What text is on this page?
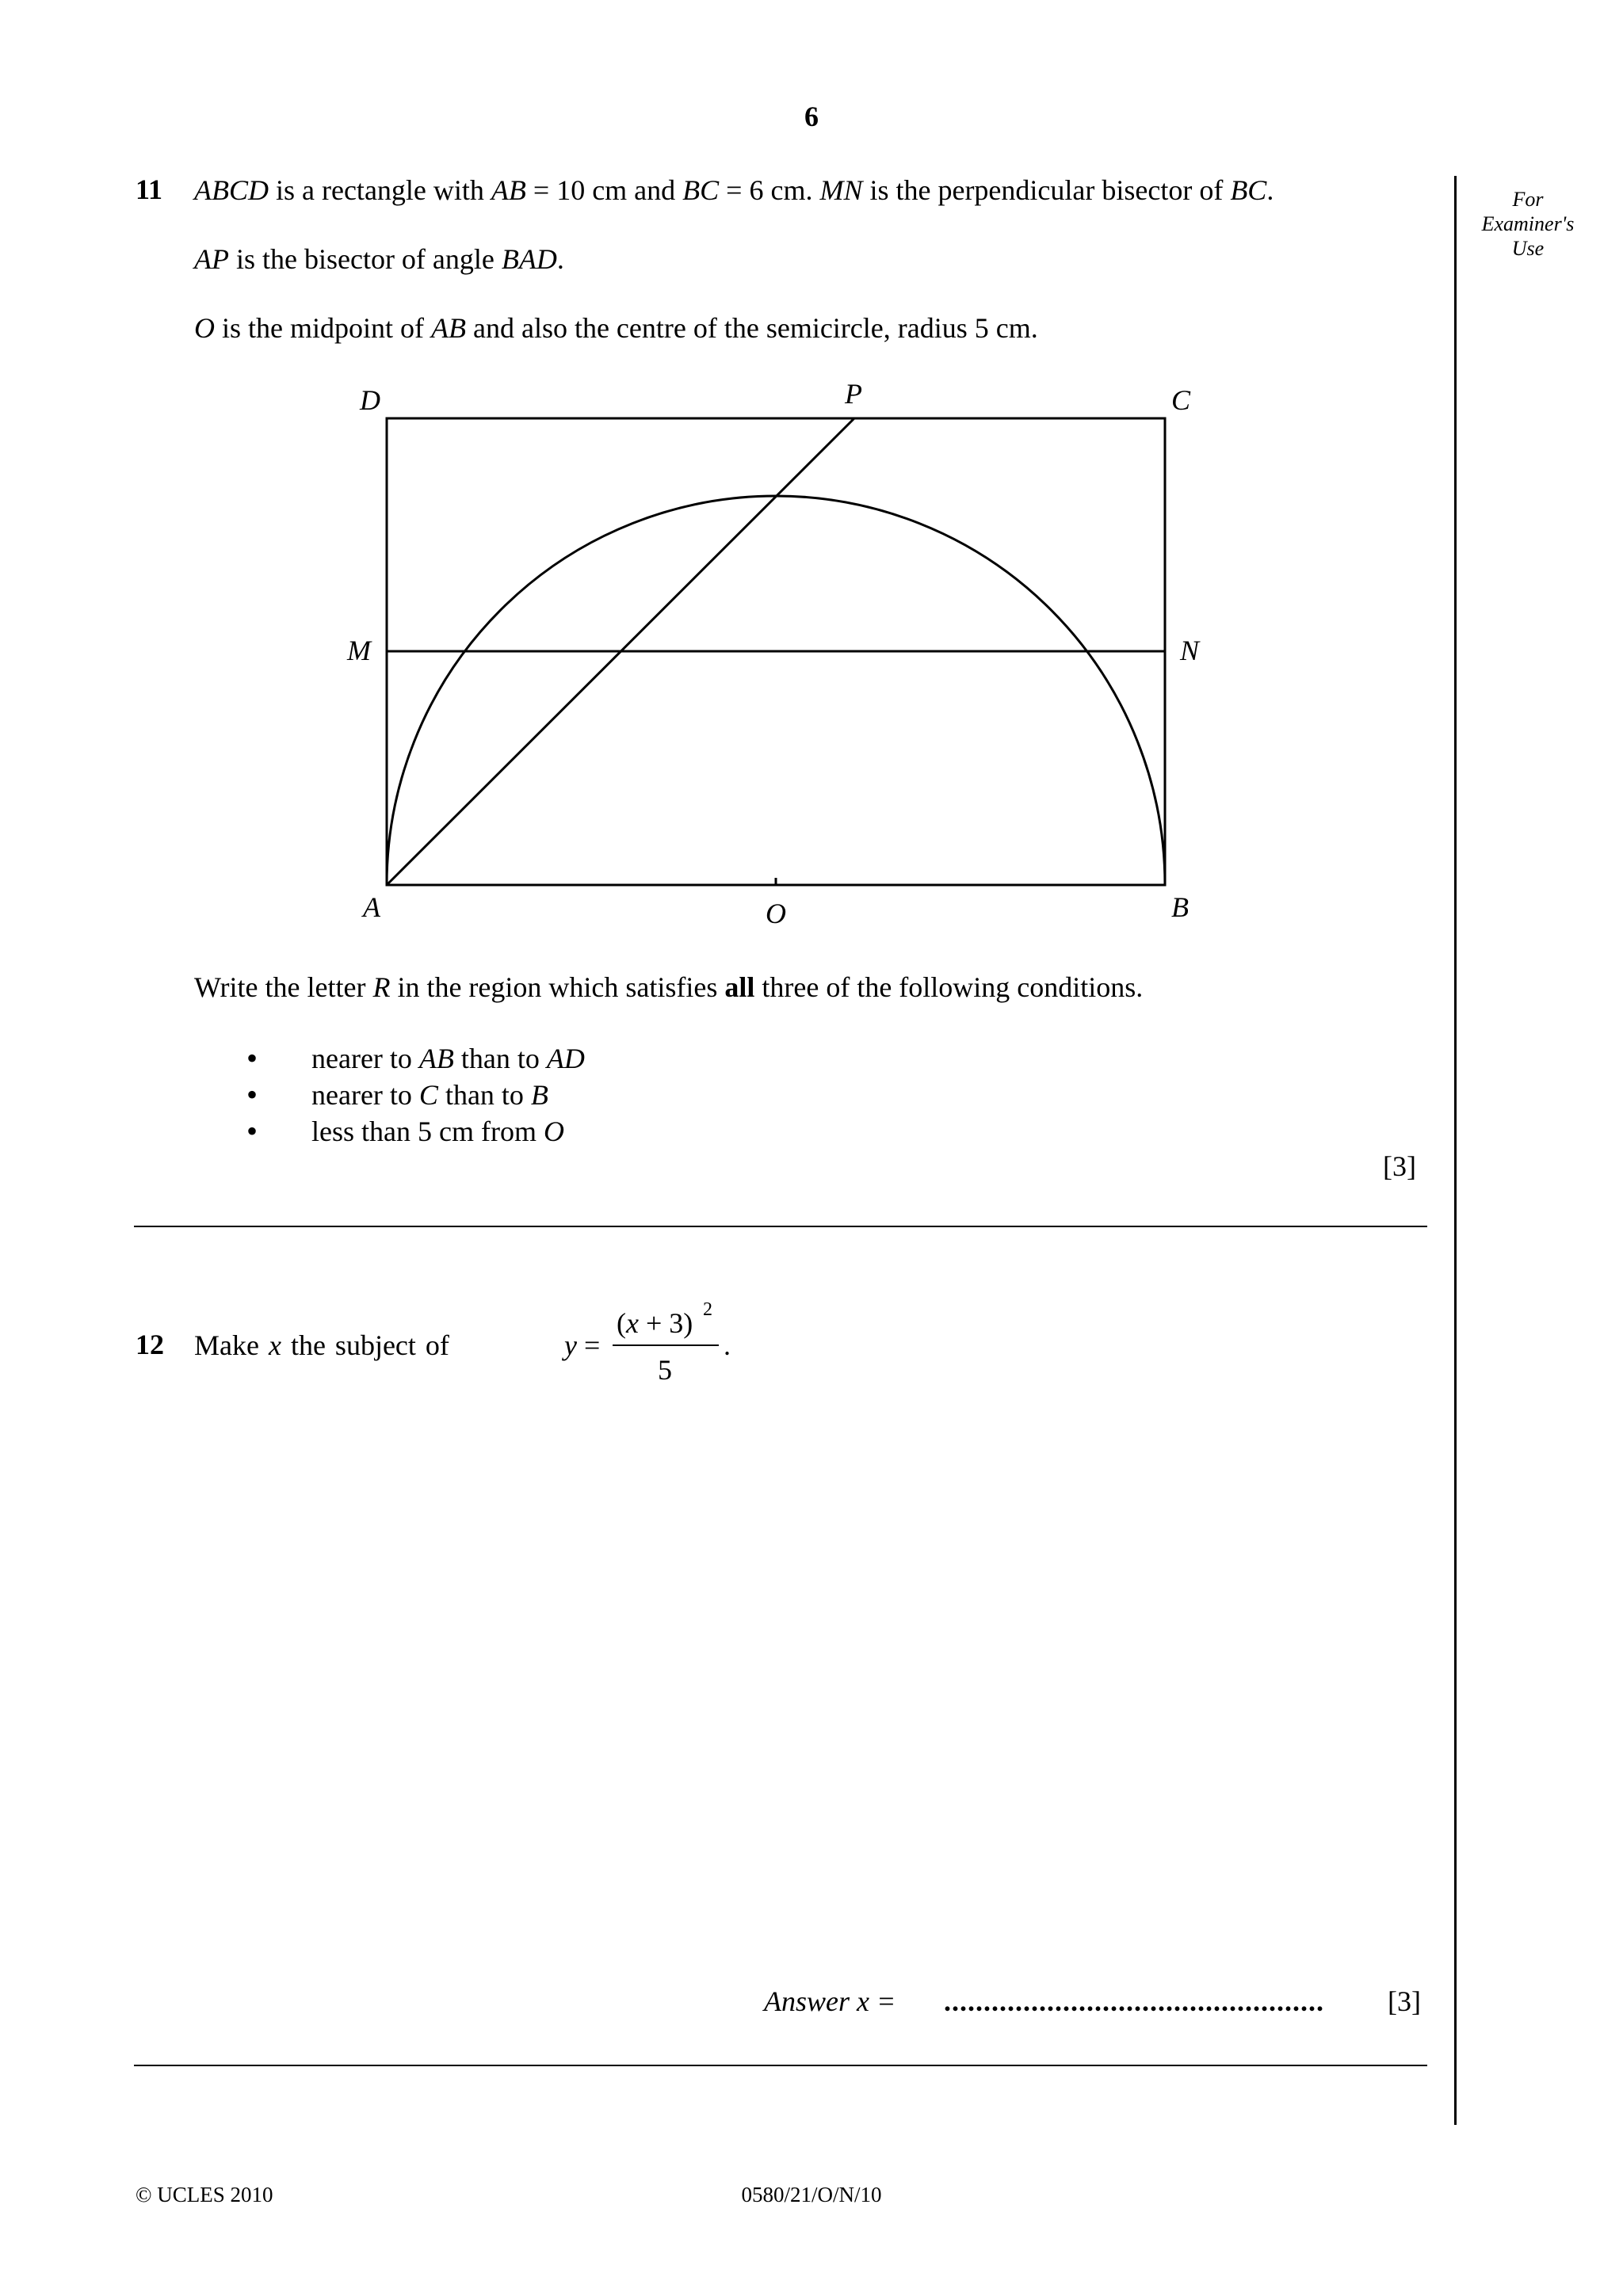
6
For
Examiner's
Use
11 ABCD is a rectangle with AB = 10 cm and BC = 6 cm. MN is the perpendicular bisector of BC.
AP is the bisector of angle BAD.
O is the midpoint of AB and also the centre of the semicircle, radius 5 cm.
D	P	C
M	N
A	O	B
Write the letter R in the region which satisfies all three of the following conditions.
• nearer to AB than to AD
• nearer to C than to B
• less than 5 cm from O
[3]
12 Make x the subject of	y =
(x + 3) 2
5
.
Answer x = ................................................ [3]
© UCLES 2010	0580/21/O/N/10
